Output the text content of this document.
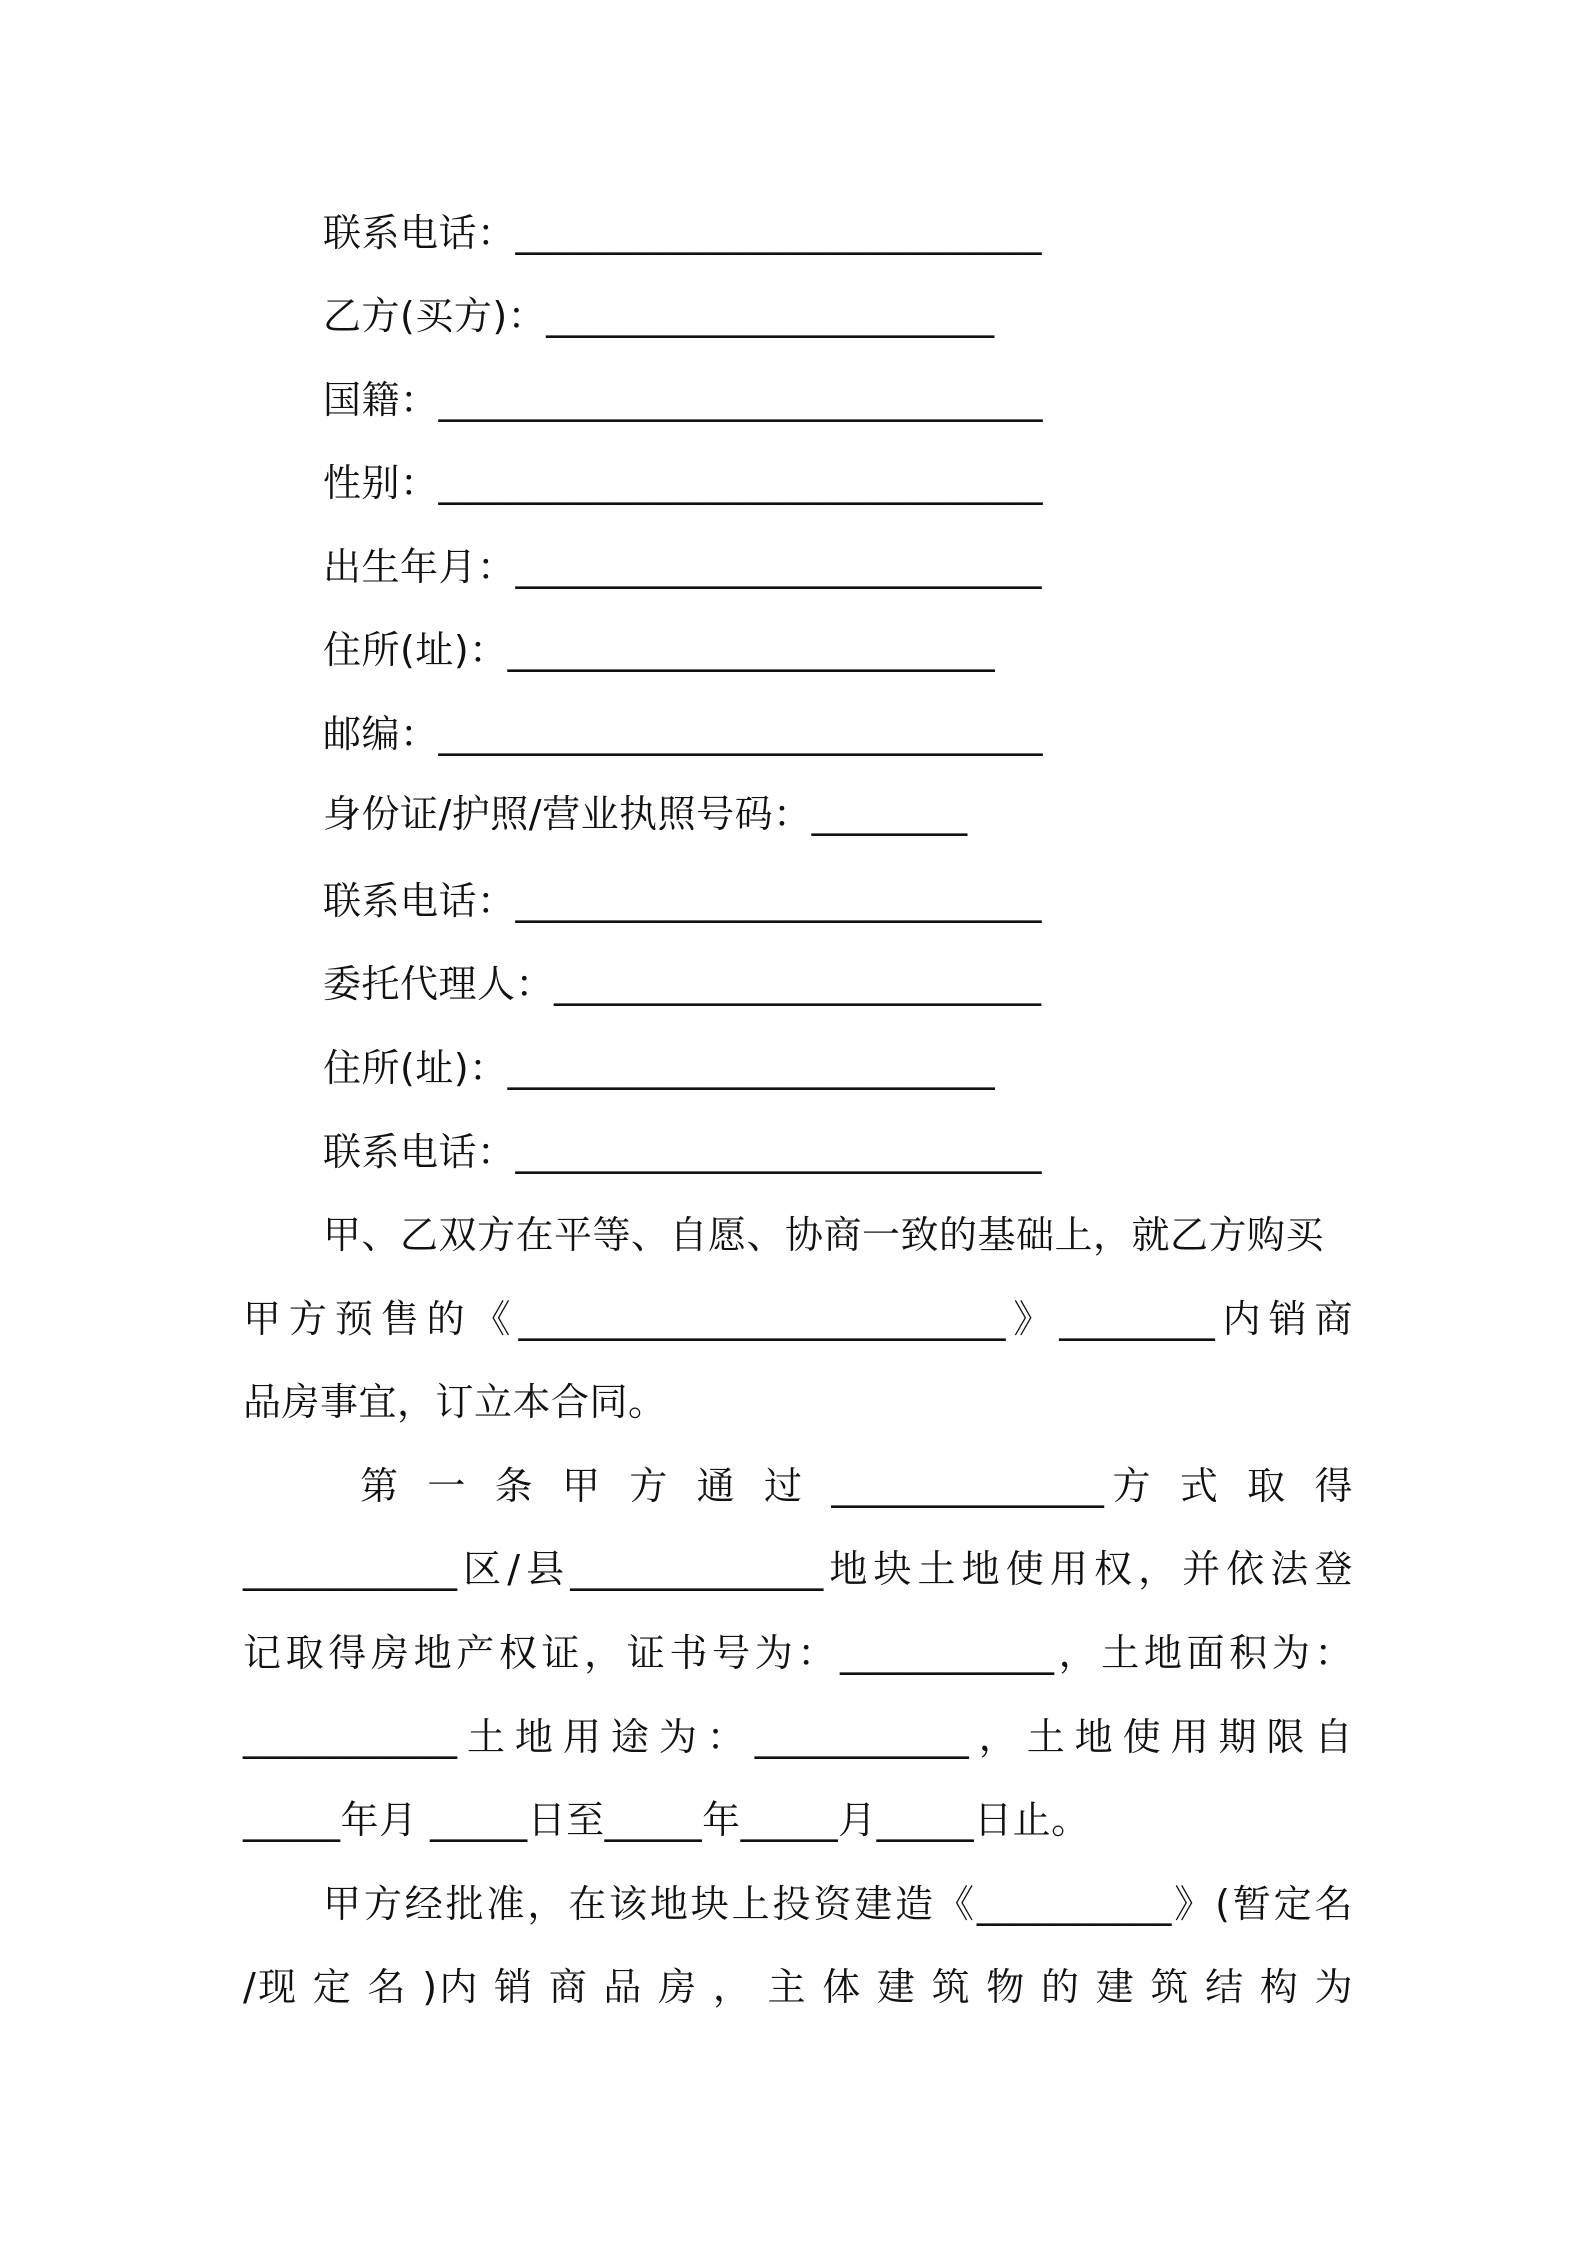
联系电话：___________________________
乙方(买方)：_______________________
国籍：_______________________________
性别：_______________________________
出生年月：___________________________
住所(址)：_________________________
邮编：_______________________________
身份证/护照/营业执照号码：________
联系电话：___________________________
委托代理人：_________________________
住所(址)：_________________________
联系电话：___________________________
甲、乙双方在平等、自愿、协商一致的基础上，就乙方购买
甲方预售的《_________________________》________内销商
品房事宜，订立本合同。
第 一 条 甲 方 通 过 ______________方 式 取 得
___________区/县_____________地块土地使用权，并依法登
记取得房地产权证，证书号为：___________，土地面积为：
___________土地用途为：___________，土地使用期限自
_____年月 _____日至_____年_____月_____日止。
甲方经批准，在该地块上投资建造《__________》(暂定名
/现 定 名 )内 销 商 品 房 ， 主 体 建 筑 物 的 建 筑 结 构 为
